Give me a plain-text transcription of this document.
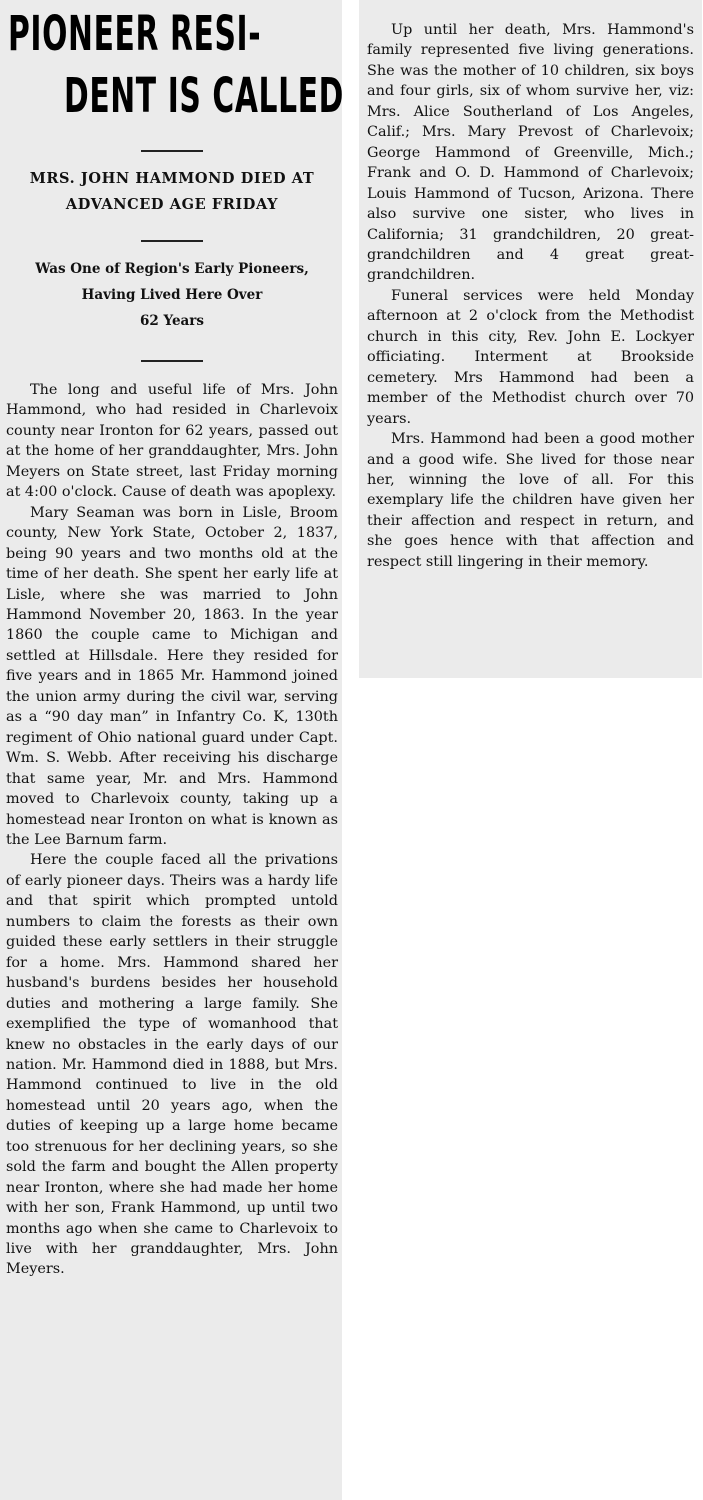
PIONEER RESI-
DENT IS CALLED
MRS. JOHN HAMMOND DIED AT
ADVANCED AGE FRIDAY
Was One of Region's Early Pioneers,
Having Lived Here Over
62 Years

The long and useful life of Mrs. John Hammond, who had resided in Charlevoix county near Ironton for 62 years, passed out at the home of her granddaughter, Mrs. John Meyers on State street, last Friday morning at 4:00 o'clock. Cause of death was apoplexy.

Mary Seaman was born in Lisle, Broom county, New York State, October 2, 1837, being 90 years and two months old at the time of her death. She spent her early life at Lisle, where she was married to John Hammond November 20, 1863. In the year 1860 the couple came to Michigan and settled at Hillsdale. Here they resided for five years and in 1865 Mr. Hammond joined the union army during the civil war, serving as a “90 day man” in Infantry Co. K, 130th regiment of Ohio national guard under Capt. Wm. S. Webb. After receiving his discharge that same year, Mr. and Mrs. Hammond moved to Charlevoix county, taking up a homestead near Ironton on what is known as the Lee Barnum farm.

Here the couple faced all the privations of early pioneer days. Theirs was a hardy life and that spirit which prompted untold numbers to claim the forests as their own guided these early settlers in their struggle for a home. Mrs. Hammond shared her husband's burdens besides her household duties and mothering a large family. She exemplified the type of womanhood that knew no obstacles in the early days of our nation. Mr. Hammond died in 1888, but Mrs. Hammond continued to live in the old homestead until 20 years ago, when the duties of keeping up a large home became too strenuous for her declining years, so she sold the farm and bought the Allen property near Ironton, where she had made her home with her son, Frank Hammond, up until two months ago when she came to Charlevoix to live with her granddaughter, Mrs. John Meyers.

Up until her death, Mrs. Hammond's family represented five living generations. She was the mother of 10 children, six boys and four girls, six of whom survive her, viz: Mrs. Alice Southerland of Los Angeles, Calif.; Mrs. Mary Prevost of Charlevoix; George Hammond of Greenville, Mich.; Frank and O. D. Hammond of Charlevoix; Louis Hammond of Tucson, Arizona. There also survive one sister, who lives in California; 31 grandchildren, 20 great-grandchildren and 4 great great-grandchildren.

Funeral services were held Monday afternoon at 2 o'clock from the Methodist church in this city, Rev. John E. Lockyer officiating. Interment at Brookside cemetery. Mrs Hammond had been a member of the Methodist church over 70 years.

Mrs. Hammond had been a good mother and a good wife. She lived for those near her, winning the love of all. For this exemplary life the children have given her their affection and respect in return, and she goes hence with that affection and respect still lingering in their memory.
